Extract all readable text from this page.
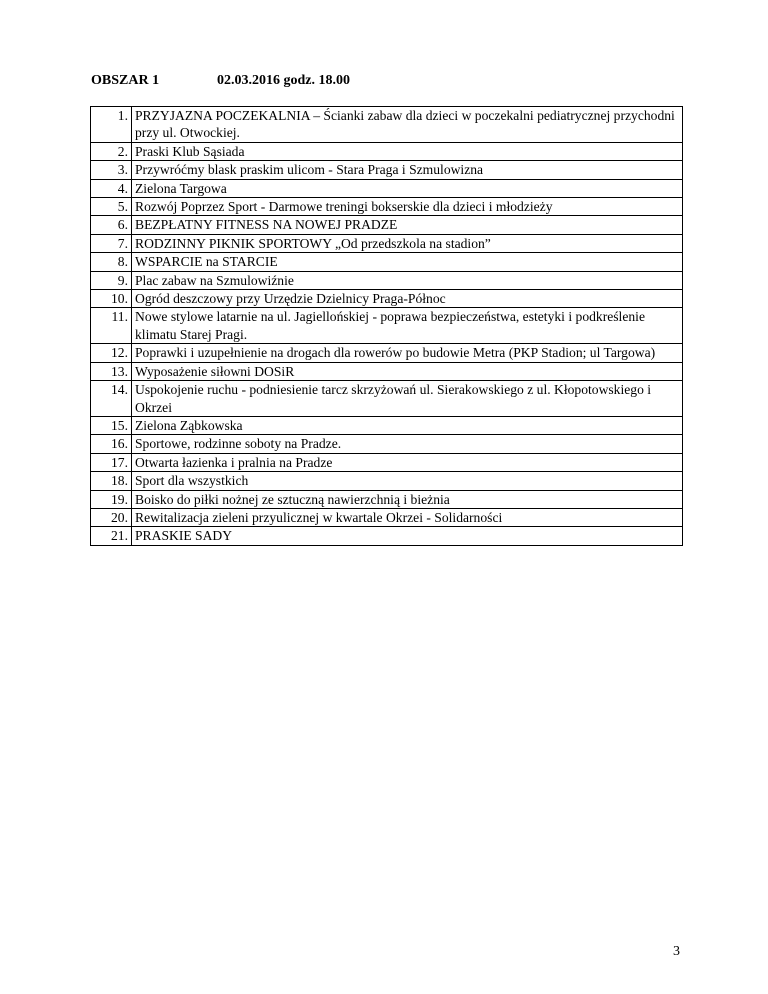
OBSZAR 1	02.03.2016 godz. 18.00
1.	PRZYJAZNA POCZEKALNIA – Ścianki zabaw dla dzieci w poczekalni pediatrycznej przychodni przy ul. Otwockiej.
2.	Praski Klub Sąsiada
3.	Przywróćmy blask praskim ulicom - Stara Praga i Szmulowizna
4.	Zielona Targowa
5.	Rozwój Poprzez Sport - Darmowe treningi bokserskie dla dzieci i młodzieży
6.	BEZPŁATNY FITNESS NA NOWEJ PRADZE
7.	RODZINNY PIKNIK SPORTOWY „Od przedszkola na stadion”
8.	WSPARCIE na STARCIE
9.	Plac zabaw na Szmulowiźnie
10.	Ogród deszczowy przy Urzędzie Dzielnicy Praga-Północ
11.	Nowe stylowe latarnie na ul. Jagiellońskiej - poprawa bezpieczeństwa, estetyki i podkreślenie klimatu Starej Pragi.
12.	Poprawki i uzupełnienie na drogach dla rowerów po budowie Metra (PKP Stadion; ul Targowa)
13.	Wyposażenie siłowni DOSiR
14.	Uspokojenie ruchu - podniesienie tarcz skrzyżowań ul. Sierakowskiego z ul. Kłopotowskiego i Okrzei
15.	Zielona Ząbkowska
16.	Sportowe, rodzinne soboty na Pradze.
17.	Otwarta łazienka i pralnia na Pradze
18.	Sport dla wszystkich
19.	Boisko do piłki nożnej ze sztuczną nawierzchnią i bieżnia
20.	Rewitalizacja zieleni przyulicznej w kwartale Okrzei - Solidarności
21.	PRASKIE SADY
3
